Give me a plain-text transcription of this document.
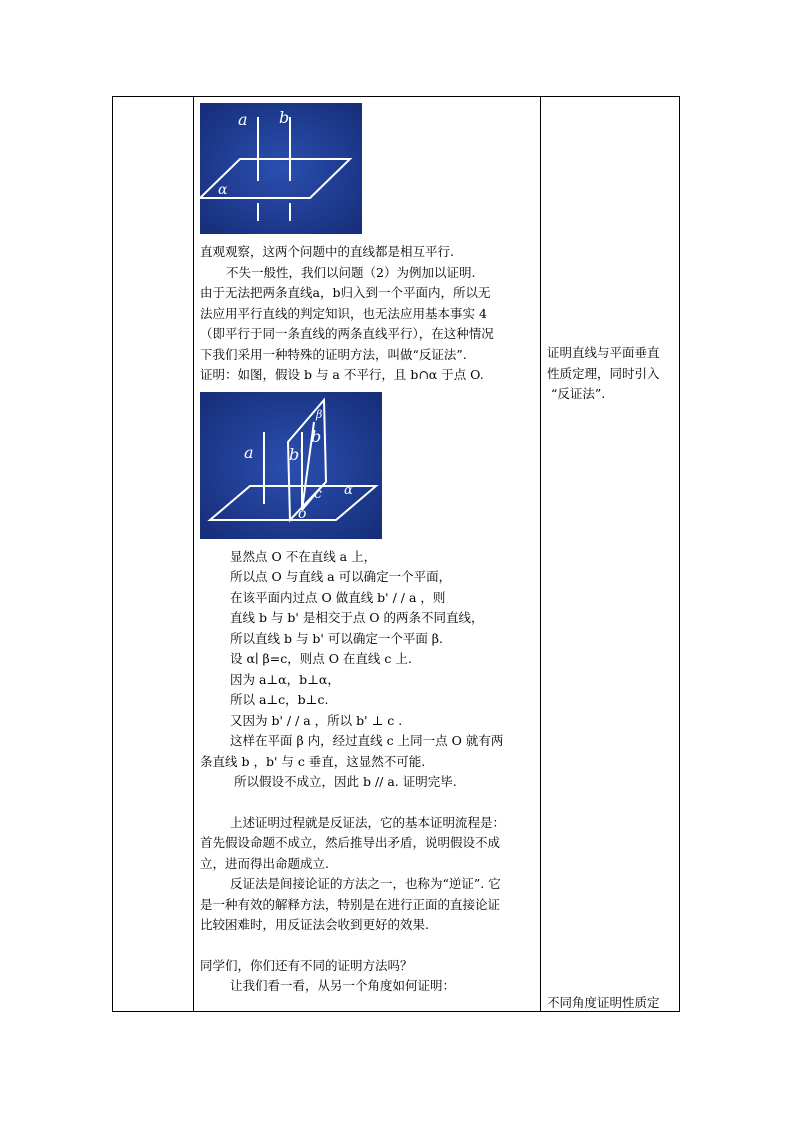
a b
α
直观观察，这两个问题中的直线都是相互平行.
不失一般性，我们以问题（2）为例加以证明.
由于无法把两条直线a，b归入到一个平面内，所以无
法应用平行直线的判定知识，也无法应用基本事实 4
（即平行于同一条直线的两条直线平行），在这种情况
下我们采用一种特殊的证明方法，叫做“反证法”.
证明：如图，假设 b 与 a 不平行，且 b∩α 于点 O.
a b'
b
β
c α
o
显然点 O 不在直线 a 上，
所以点 O 与直线 a 可以确定一个平面，
在该平面内过点 O 做直线 b' / / a ，则
直线 b 与 b' 是相交于点 O 的两条不同直线，
所以直线 b 与 b' 可以确定一个平面 β.
设 α∣ β=c，则点 O 在直线 c 上.
因为 a⊥α，b⊥α，
所以 a⊥c，b⊥c.
又因为 b' / / a ，所以 b' ⊥ c .
这样在平面 β 内，经过直线 c 上同一点 O 就有两
条直线 b ，b' 与 c 垂直，这显然不可能.
所以假设不成立，因此 b // a. 证明完毕.
上述证明过程就是反证法，它的基本证明流程是：
首先假设命题不成立，然后推导出矛盾，说明假设不成
立，进而得出命题成立.
反证法是间接论证的方法之一，也称为“逆证”. 它
是一种有效的解释方法，特别是在进行正面的直接论证
比较困难时，用反证法会收到更好的效果.
同学们，你们还有不同的证明方法吗？
让我们看一看，从另一个角度如何证明：
证明直线与平面垂直
性质定理，同时引入
“反证法”.
不同角度证明性质定
